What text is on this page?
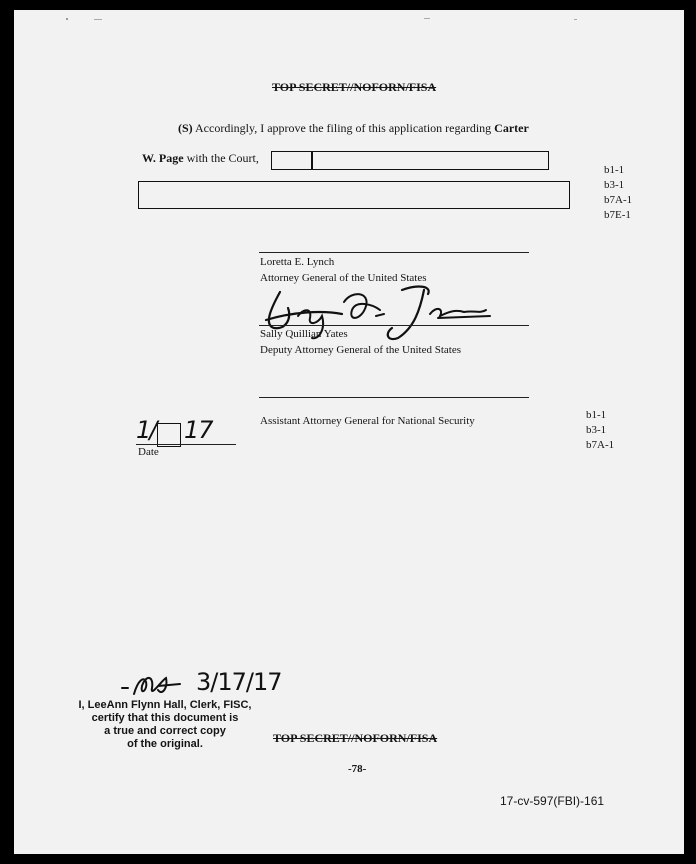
TOP SECRET//NOFORN/FISA
(S) Accordingly, I approve the filing of this application regarding Carter
W. Page with the Court,
b1-1
b3-1
b7A-1
b7E-1
Loretta E. Lynch
Attorney General of the United States
Sally Quillian Yates
Deputy Attorney General of the United States
Assistant Attorney General for National Security	b1-1
b3-1
b7A-1
1/ 17
Date
3/17/17
I, LeeAnn Flynn Hall, Clerk, FISC,
certify that this document is
a true and correct copy
of the original.	TOP SECRET//NOFORN/FISA
-78-
17-cv-597(FBI)-161
